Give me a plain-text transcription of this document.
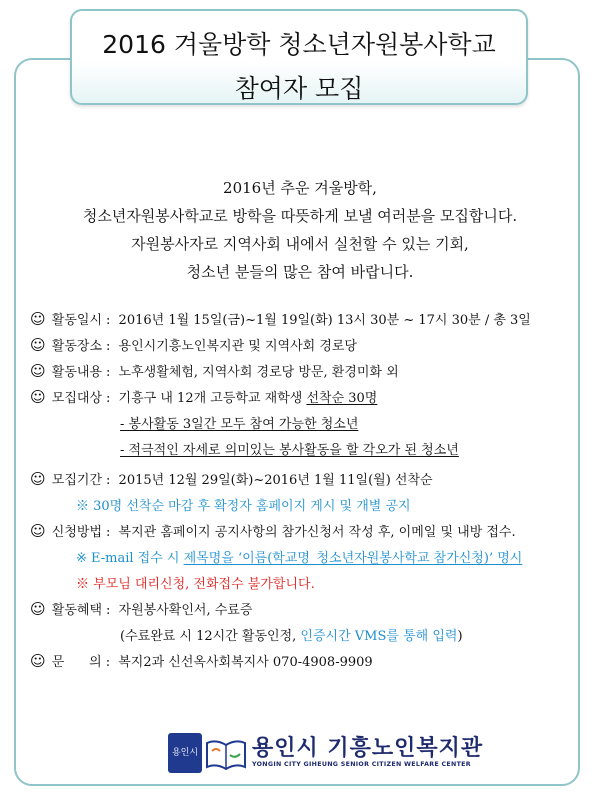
2016 겨울방학 청소년자원봉사학교
참여자 모집
2016년 추운 겨울방학,
청소년자원봉사학교로 방학을 따뜻하게 보낼 여러분을 모집합니다.
자원봉사자로 지역사회 내에서 실천할 수 있는 기회,
청소년 분들의 많은 참여 바랍니다.
☺ 활동일시 : 2016년 1월 15일(금)~1월 19일(화) 13시 30분 ~ 17시 30분 / 총 3일
☺ 활동장소 : 용인시기흥노인복지관 및 지역사회 경로당
☺ 활동내용 : 노후생활체험, 지역사회 경로당 방문, 환경미화 외
☺ 모집대상 : 기흥구 내 12개 고등학교 재학생 선착순 30명
- 봉사활동 3일간 모두 참여 가능한 청소년
- 적극적인 자세로 의미있는 봉사활동을 할 각오가 된 청소년
☺ 모집기간 : 2015년 12월 29일(화)~2016년 1월 11일(월) 선착순
※ 30명 선착순 마감 후 확정자 홈페이지 게시 및 개별 공지
☺ 신청방법 : 복지관 홈페이지 공지사항의 참가신청서 작성 후, 이메일 및 내방 접수.
※ E-mail 접수 시 제목명을 ‘이름(학교명_청소년자원봉사학교 참가신청)’ 명시
※ 부모님 대리신청, 전화접수 불가합니다.
☺ 활동혜택 : 자원봉사확인서, 수료증
(수료완료 시 12시간 활동인정, 인증시간 VMS를 통해 입력)
☺ 문      의 : 복지2과 신선옥사회복지사 070-4908-9909
용인시 용인시 기흥노인복지관
YONGIN CITY GIHEUNG SENIOR CITIZEN WELFARE CENTER
